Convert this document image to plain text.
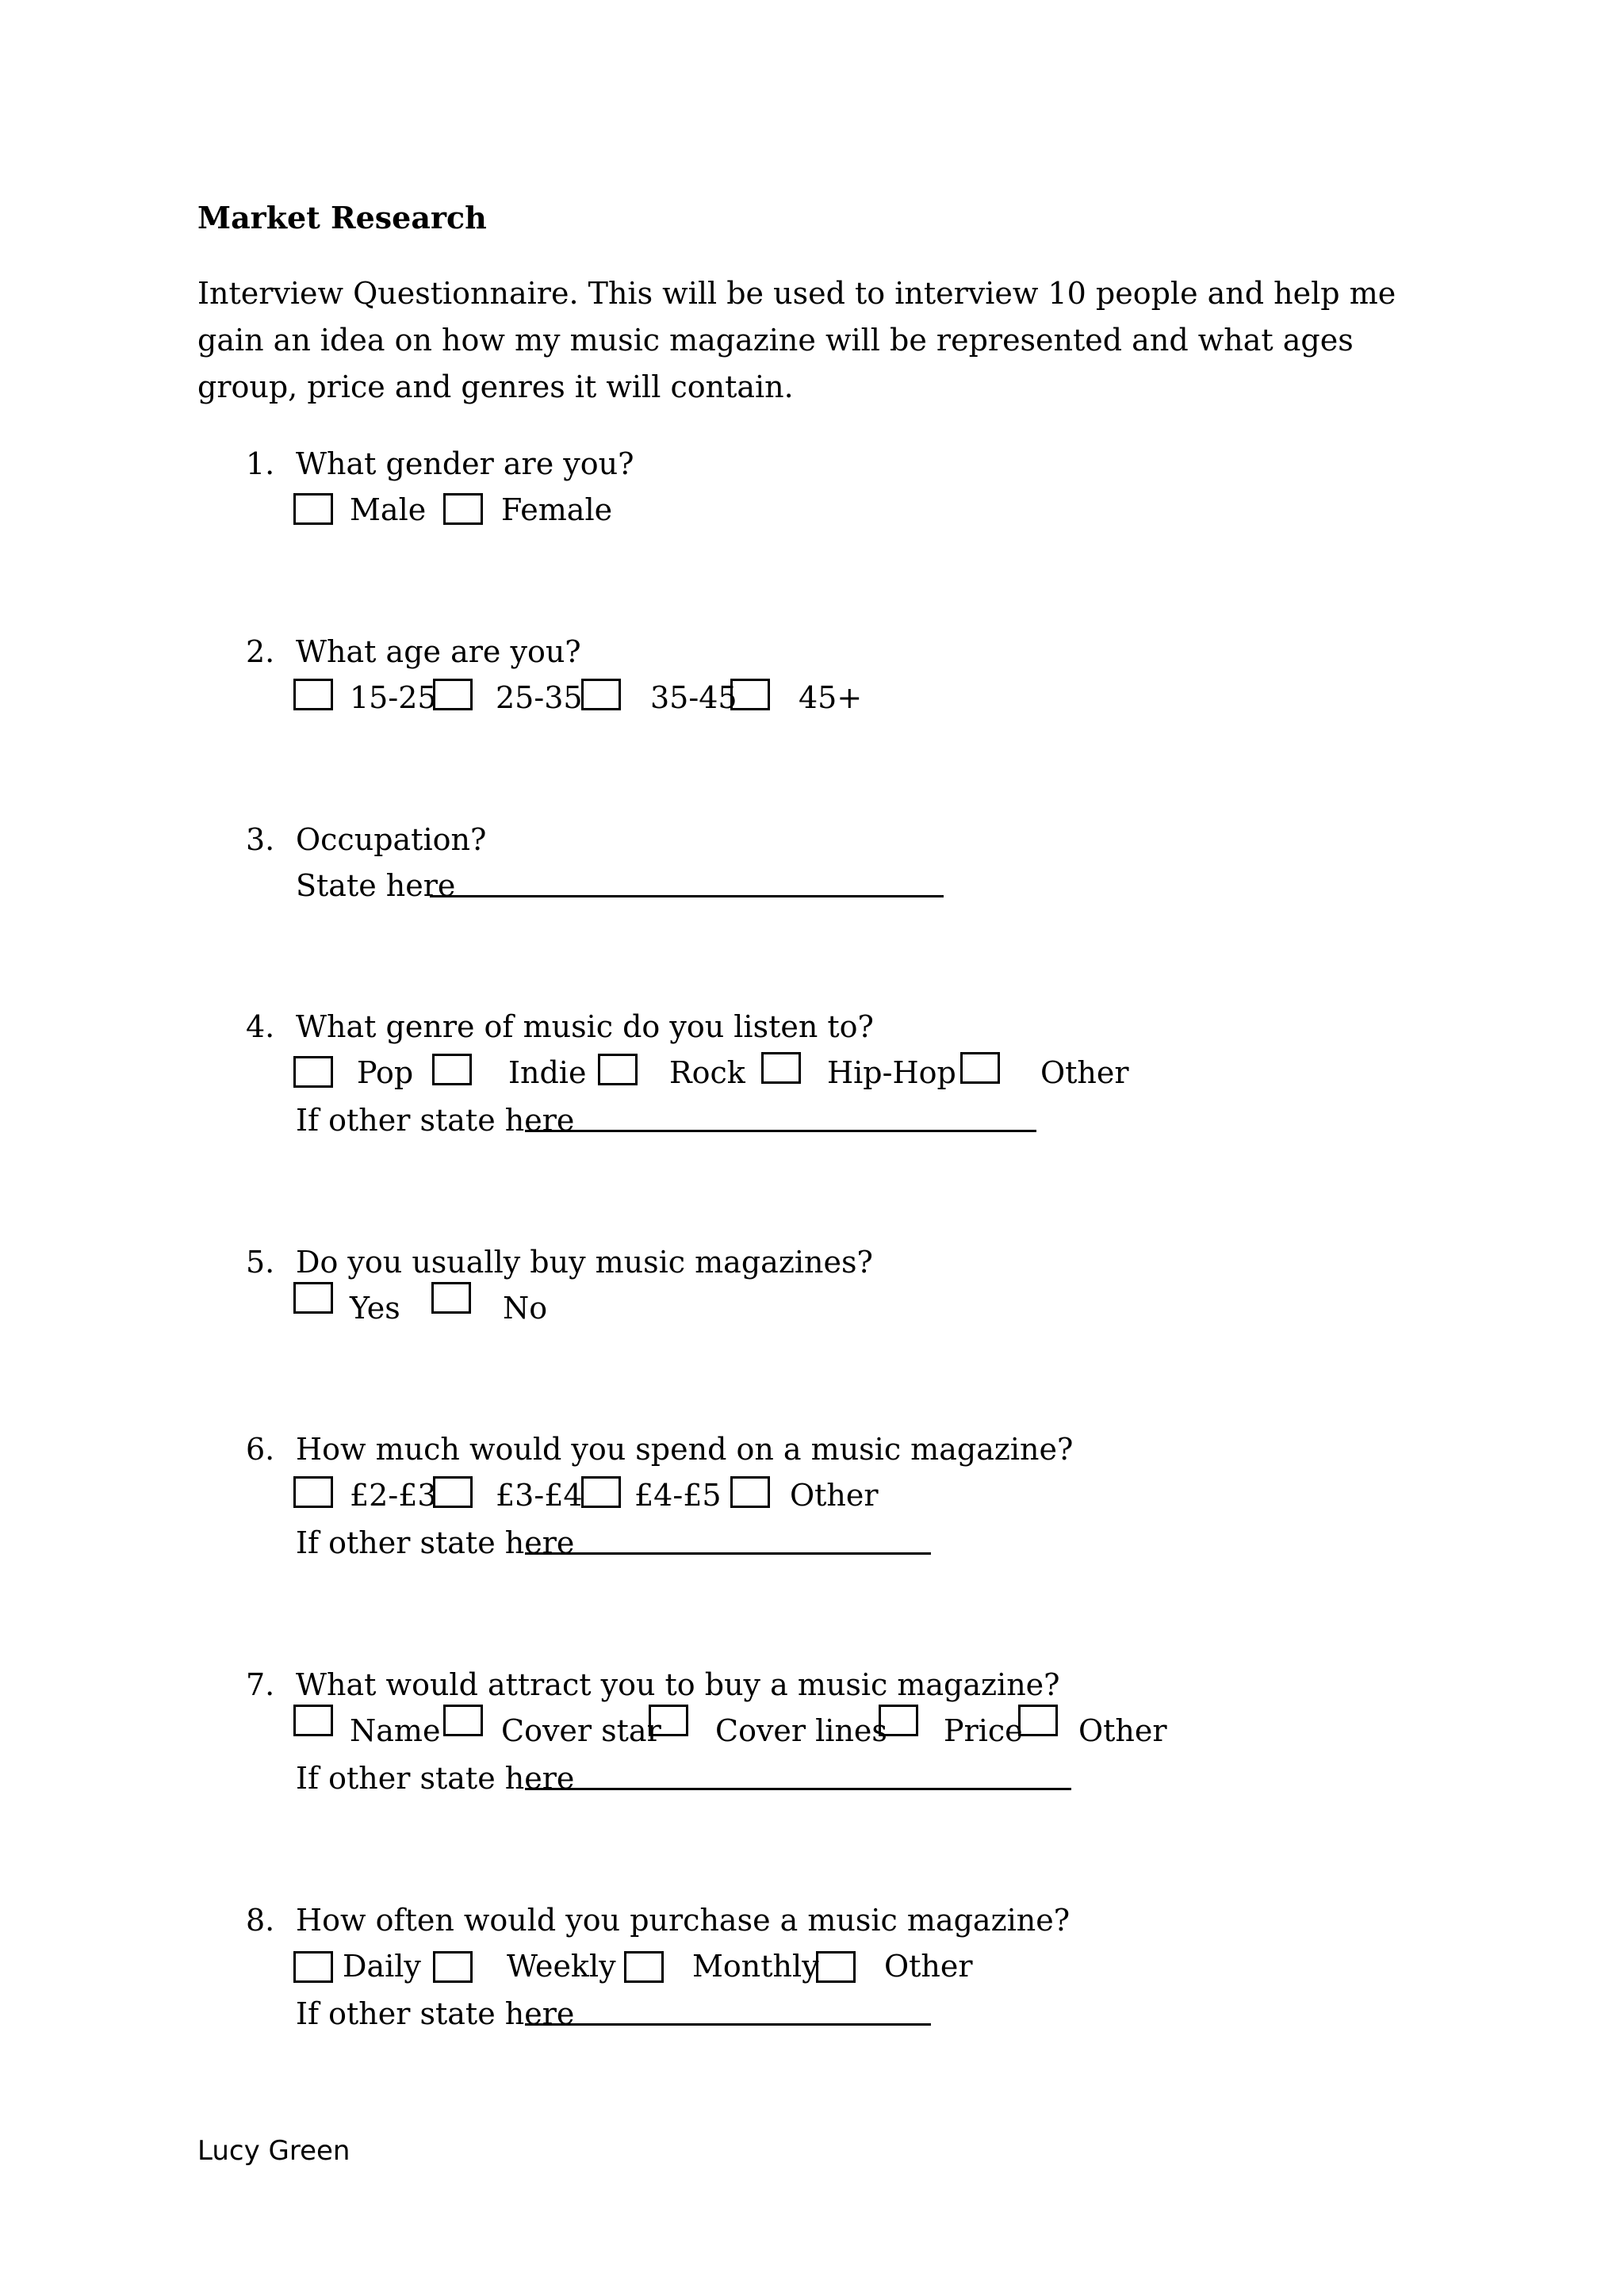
Market Research
Interview Questionnaire. This will be used to interview 10 people and help me gain an idea on how my music magazine will be represented and what ages group, price and genres it will contain.
1. What gender are you?
Male Female
2. What age are you?
15-25 25-35 35-45 45+
3. Occupation?
State here
4. What genre of music do you listen to?
Pop	Indie	Rock	Hip-Hop	Other
If other state here
5. Do you usually buy music magazines?
Yes	No
6. How much would you spend on a music magazine?
£2-£3 £3-£4 £4-£5 Other
If other state here
7. What would attract you to buy a music magazine?
Name Cover star Cover lines Price Other
If other state here
8. How often would you purchase a music magazine?
Daily	Weekly	Monthly Other
If other state here
Lucy Green
